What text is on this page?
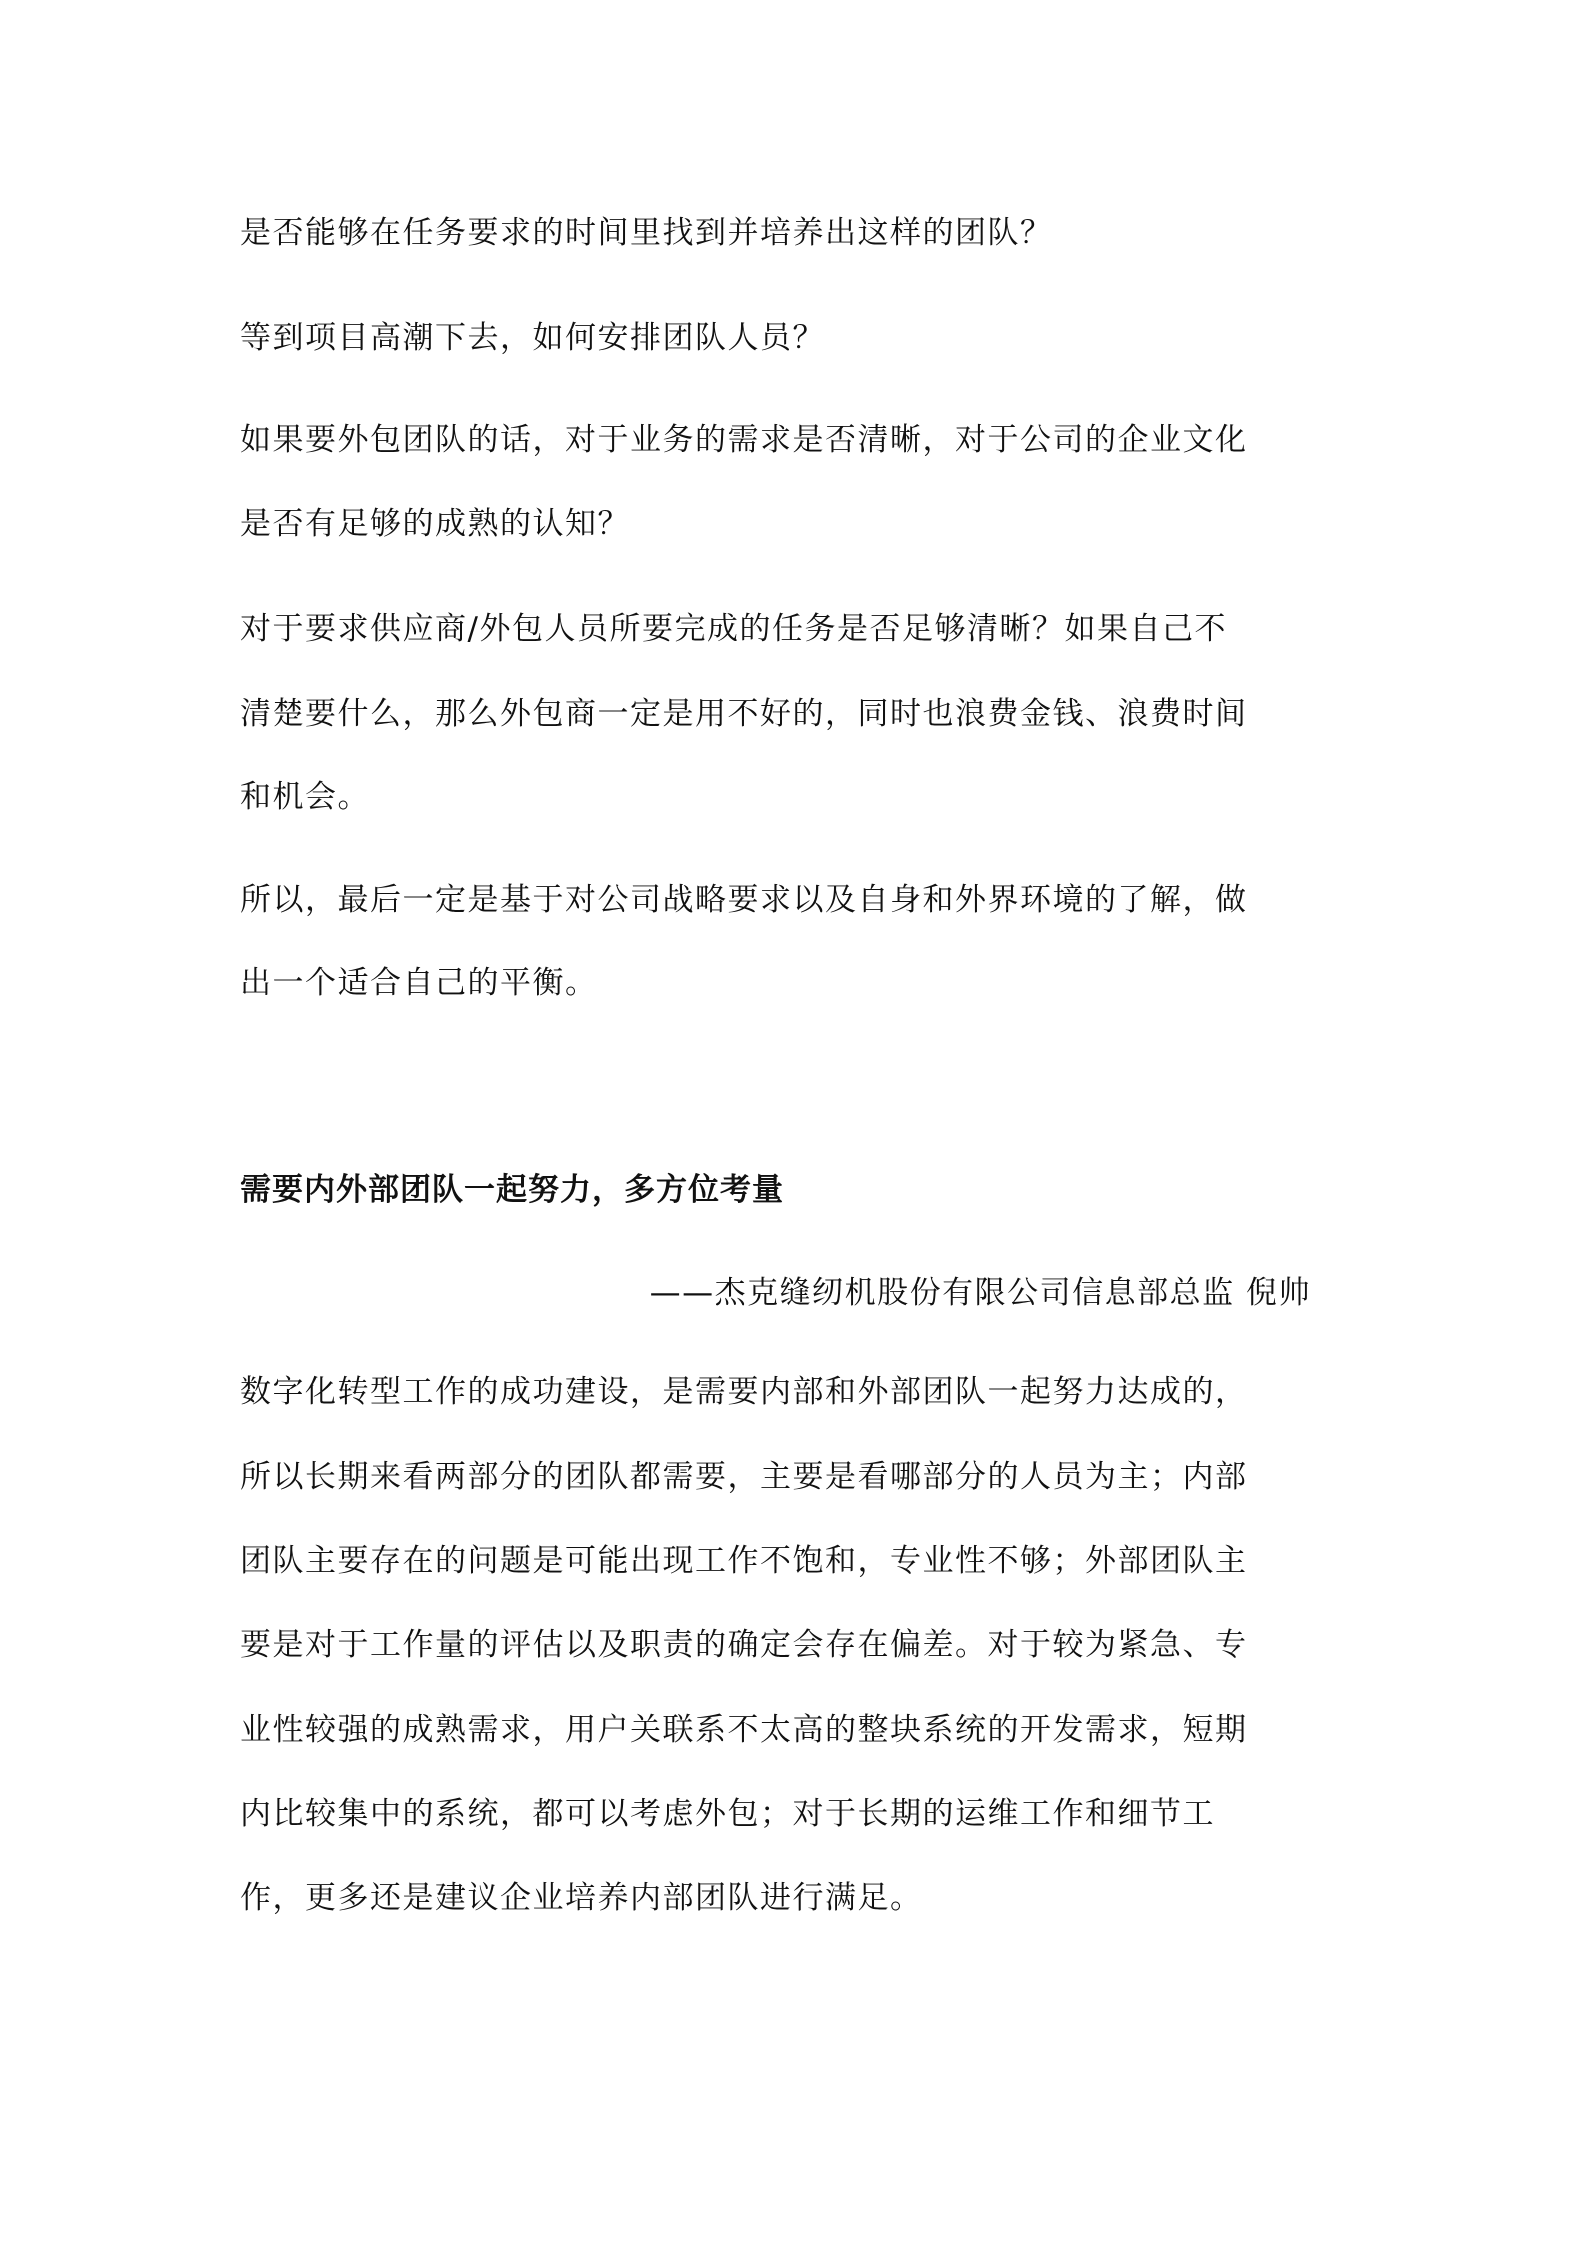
是否能够在任务要求的时间里找到并培养出这样的团队？
等到项目高潮下去，如何安排团队人员？
如果要外包团队的话，对于业务的需求是否清晰，对于公司的企业文化
是否有足够的成熟的认知？
对于要求供应商/外包人员所要完成的任务是否足够清晰？如果自己不
清楚要什么，那么外包商一定是用不好的，同时也浪费金钱、浪费时间
和机会。
所以，最后一定是基于对公司战略要求以及自身和外界环境的了解，做
出一个适合自己的平衡。
需要内外部团队一起努力，多方位考量
——杰克缝纫机股份有限公司信息部总监 倪帅
数字化转型工作的成功建设，是需要内部和外部团队一起努力达成的，
所以长期来看两部分的团队都需要，主要是看哪部分的人员为主；内部
团队主要存在的问题是可能出现工作不饱和，专业性不够；外部团队主
要是对于工作量的评估以及职责的确定会存在偏差。对于较为紧急、专
业性较强的成熟需求，用户关联系不太高的整块系统的开发需求，短期
内比较集中的系统，都可以考虑外包；对于长期的运维工作和细节工
作，更多还是建议企业培养内部团队进行满足。
